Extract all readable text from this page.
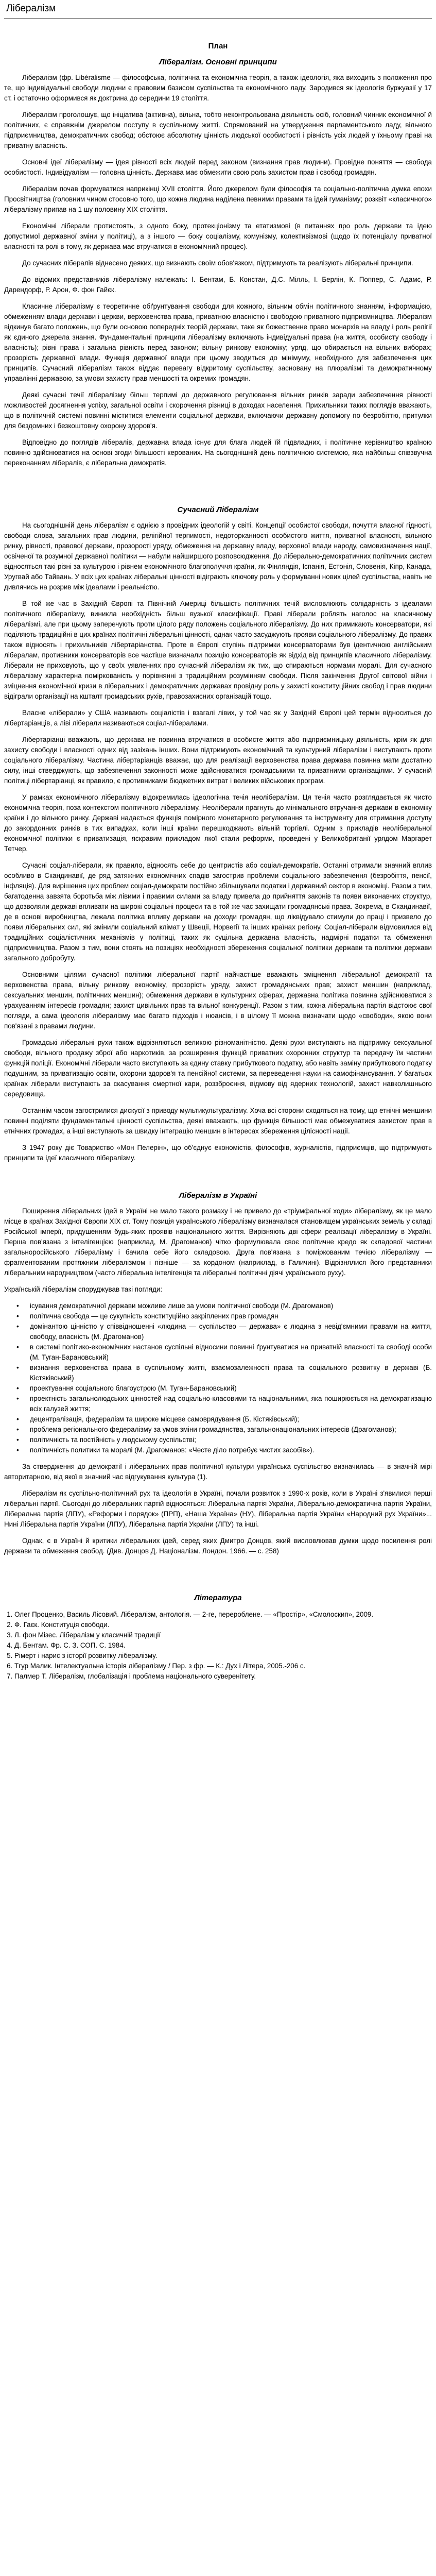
Лібералізм
План
Лібералізм. Основні принципи

Лібералізм (фр. Libéralisme — філософська, політична та економічна теорія, а також ідеологія, яка виходить з положення про те, що індивідуальні свободи людини є правовим базисом суспільства та економічного ладу. Зародився як ідеологія буржуазії у 17 ст. і остаточно оформився як доктрина до середини 19 століття.

Лібералізм проголошує, що ініціатива (активна), вільна, тобто неконтрольована діяльність осіб, головний чинник економічної й політичних, є справжнім джерелом поступу в суспільному житті. Спрямований на утвердження парламентського ладу, вільного підприємництва, демократичних свобод; обстоює абсолютну цінність людської особистості і рівність усіх людей у їхньому праві на приватну власність.

Основні ідеї лібералізму — ідея рівності всіх людей перед законом (визнання прав людини). Провідне поняття — свобода особистості. Індивідуалізм — головна цінність. Держава має обмежити свою роль захистом прав і свобод громадян.

Лібералізм почав формуватися наприкінці XVII століття. Його джерелом були філософія та соціально-політична думка епохи Просвітництва (головним чином стосовно того, що кожна людина наділена певними правами та ідей гуманізму; розквіт «класичного» лібералізму припав на 1 шу половину XIX століття.

Економічні ліберали протистоять, з одного боку, протекціонізму та етатизмові (в питаннях про роль держави та ідею допустимої державної зміни у політиці), а з іншого — боку соціалізму, комунізму, колективізмові (щодо їх потенціалу приватної власності та ролі в тому, як держава має втручатися в економічний процес).

До сучасних лібералів віднесено деяких, що визнають своїм обов'язком, підтримують та реалізують ліберальні принципи.

До відомих представників лібералізму належать: І. Бентам, Б. Констан, Д.С. Мілль, І. Берлін, К. Поппер, С. Адамс, Р. Дарендорф, Р. Арон, Ф. фон Гайєк.

Класичне лібералізму є теоретичне обґрунтування свободи для кожного, вільним обмін політичного знанням, інформацією, обмеженням влади держави і церкви, верховенства права, приватною власністю і свободою приватного підприємництва. Лібералізм відкинув багато положень, що були основою попередніх теорій держави, таке як божественне право монархів на владу і роль релігії як єдиного джерела знання. Фундаментальні принципи лібералізму включають індивідуальні права (на життя, особисту свободу і власність); рівні права і загальна рівність перед законом; вільну ринкову економіку; уряд, що обирається на вільних виборах; прозорість державної влади. Функція державної влади при цьому зводиться до мінімуму, необхідного для забезпечення цих принципів. Сучасний лібералізм також віддає перевагу відкритому суспільству, засновану на плюралізмі та демократичному управлінні державою, за умови захисту прав меншості та окремих громадян.

Деякі сучасні течії лібералізму більш терпимі до державного регулювання вільних ринків заради забезпечення рівності можливостей досягнення успіху, загальної освіти і скорочення різниці в доходах населення. Прихильники таких поглядів вважають, що в політичній системі повинні міститися елементи соціальної держави, включаючи державну допомогу по безробіттю, притулки для бездомних і безкоштовну охорону здоров'я.

Відповідно до поглядів лібералів, державна влада існує для блага людей їй підвладних, і політичне керівництво країною повинно здійснюватися на основі згоди більшості керованих. На сьогоднішній день політичною системою, яка найбільш співзвучна переконанням лібералів, є ліберальна демократія.

Сучасний Лібералізм

На сьогоднішній день лібералізм є однією з провідних ідеологій у світі. Концепції особистої свободи, почуття власної гідності, свободи слова, загальних прав людини, релігійної терпимості, недоторканності особистого життя, приватної власності, вільного ринку, рівності, правової держави, прозорості уряду, обмеження на державну владу, верховної влади народу, самовизначення нації, освіченої та розумної державної політики — набули найширшого розповсюдження. До ліберально-демократичних політичних систем відносяться такі різні за культурою і рівнем економічного благополуччя країни, як Фінляндія, Іспанія, Естонія, Словенія, Кіпр, Канада, Уругвай або Тайвань. У всіх цих країнах ліберальні цінності відіграють ключову роль у формуванні нових цілей суспільства, навіть не дивлячись на розрив між ідеалами і реальністю.

В той же час в Західній Європі та Північній Америці більшість політичних течій висловлюють солідарність з ідеалами політичного лібералізму, виникла необхідність більш вузької класифікації. Праві ліберали роблять наголос на класичному лібералізмі, але при цьому заперечують проти цілого ряду положень соціального лібералізму. До них примикають консерватори, які поділяють традиційні в цих країнах політичні ліберальні цінності, однак часто засуджують прояви соціального лібералізму. До правих також відносять і прихильників лібертаріанства. Проте в Європі ступінь підтримки консерваторами був ідентичною англійським лібералам, противники консерваторів все частіше визначали позицію консерваторів як відхід від принципів класичного лібералізму. Ліберали не приховують, що у своїх уявленнях про сучасний лібералізм як тих, що спираються нормами моралі. Для сучасного лібералізму характерна поміркованість у порівнянні з традиційним розумінням свободи. Після закінчення Другої світової війни і зміцнення економічної кризи в ліберальних і демократичних державах провідну роль у захисті конституційних свобод і прав людини відіграли організації на кшталт громадських рухів, правозахисних організацій тощо.

Власне «ліберали» у США називають соціалістів і взагалі лівих, у той час як у Західній Європі цей термін відноситься до лібертаріанців, а ліві ліберали називаються соціал-лібералами.

Лібертаріанці вважають, що держава не повинна втручатися в особисте життя або підприємницьку діяльність, крім як для захисту свободи і власності одних від зазіхань інших. Вони підтримують економічний та культурний лібералізм і виступають проти соціального лібералізму. Частина лібертаріанців вважає, що для реалізації верховенства права держава повинна мати достатню силу, інші стверджують, що забезпечення законності може здійснюватися громадськими та приватними організаціями. У сучасній політиці лібертаріанці, як правило, є противниками бюджетних витрат і великих військових програм.

У рамках економічного лібералізму відокремилась ідеологічна течія неолібералізм. Ця течія часто розглядається як чисто економічна теорія, поза контекстом політичного лібералізму. Неоліберали прагнуть до мінімального втручання держави в економіку країни і до вільного ринку. Державі надається функція помірного монетарного регулювання та інструменту для отримання доступу до закордонних ринків в тих випадках, коли інші країни перешкоджають вільній торгівлі. Одним з прикладів неоліберальної економічної політики є приватизація, яскравим прикладом якої стали реформи, проведені у Великобританії урядом Маргарет Тетчер.

Сучасні соціал-ліберали, як правило, відносять себе до центристів або соціал-демократів. Останні отримали значний вплив особливо в Скандинавії, де ряд затяжних економічних спадів загострив проблеми соціального забезпечення (безробіття, пенсії, інфляція). Для вирішення цих проблем соціал-демократи постійно збільшували податки і державний сектор в економіці. Разом з тим, багатоденна завзята боротьба між лівими і правими силами за владу привела до прийняття законів та появи виконавчих структур, що дозволяли державі впливати на широкі соціальні процеси та в той же час захищати громадянські права. Зокрема, в Скандинавії, де в основі виробництва, лежала політика впливу держави на доходи громадян, що ліквідувало стимули до праці і призвело до появи ліберальних сил, які змінили соціальний клімат у Швеції, Норвегії та інших країнах регіону. Соціал-ліберали відмовилися від традиційних соціалістичних механізмів у політиці, таких як суцільна державна власність, надмірні податки та обмеження підприємництва. Разом з тим, вони стоять на позиціях необхідності збереження соціальної політики держави та політики держави загального добробуту.

Основними цілями сучасної політики ліберальної партії найчастіше вважають зміцнення ліберальної демократії та верховенства права, вільну ринкову економіку, прозорість уряду, захист громадянських прав; захист меншин (наприклад, сексуальних меншин, політичних меншин); обмеження держави в культурних сферах, державна політика повинна здійснюватися з урахуванням інтересів громадян; захист цивільних прав та вільної конкуренції. Разом з тим, кожна ліберальна партія відстоює свої погляди, а сама ідеологія лібералізму має багато підходів і нюансів, і в цілому її можна визначати щодо «свободи», якою вони пов'язані з правами людини.

Громадські ліберальні рухи також відрізняються великою різноманітністю. Деякі рухи виступають на підтримку сексуальної свободи, вільного продажу зброї або наркотиків, за розширення функцій приватних охоронних структур та передачу їм частини функцій поліції. Економічні ліберали часто виступають за єдину ставку прибуткового податку, або навіть заміну прибуткового податку подушним, за приватизацію освіти, охорони здоров'я та пенсійної системи, за переведення науки на самофінансування. У багатьох країнах ліберали виступають за скасування смертної кари, роззброєння, відмову від ядерних технологій, захист навколишнього середовища.

Останнім часом загострилися дискусії з приводу мультикультуралізму. Хоча всі сторони сходяться на тому, що етнічні меншини повинні поділяти фундаментальні цінності суспільства, деякі вважають, що функція більшості має обмежуватися захистом прав в етнічних громадах, а інші виступають за швидку інтеграцію меншин в інтересах збереження цілісності нації.

З 1947 року діє Товариство «Мон Пелерін», що об'єднує економістів, філософів, журналістів, підприємців, що підтримують принципи та ідеї класичного лібералізму.

Лібералізм в Україні

Поширення ліберальних ідей в Україні не мало такого розмаху і не привело до «тріумфальної ходи» лібералізму, як це мало місце в країнах Західної Європи XIX ст. Тому позиція українського лібералізму визначалася становищем українських земель у складі Російської імперії, придушенням будь-яких проявів національного життя. Вирізняють дві сфери реалізації лібералізму в Україні. Перша пов'язана з інтелігенцією (наприклад, М. Драгоманов) чітко формулювала своє політичне кредо як складової частини загальноросійського лібералізму і бачила себе його складовою. Друга пов'язана з поміркованим течією лібералізму — фрагментованим протяжним лібералізмом і пізніше — за кордоном (наприклад, в Галичині). Відрізнялися його представники ліберальним народництвом (часто ліберальна інтелігенція та ліберальні політичні діячі українського руху).

Українській лібералізм споруджував такі погляди:

• ісування демократичної держави можливе лише за умови політичної свободи (М. Драгоманов)
• політична свобода — це сукупність конституційно закріплених прав громадян
• домінантою цінністю у співвідношенні «людина — суспільство — держава» є людина з невід'ємними правами на життя, свободу, власність (М. Драгоманов)
• в системі політико-економічних настанов суспільні відносини повинні ґрунтуватися на приватній власності та свободі особи (М. Туган-Барановський)
• визнання верховенства права в суспільному житті, взаємозалежності права та соціального розвитку в державі (Б. Кістяківський)
• проектування соціального благоустрою (М. Туган-Барановський)
• проектність загальнолюдських цінностей над соціально-класовими та національними, яка поширюється на демократизацію всіх галузей життя;
• децентралізація, федералізм та широке місцеве самоврядування (Б. Кістяківський);
• проблема регіонального федералізму за умов зміни громадянства, загальнонаціональних інтересів (Драгоманов);
• політичність та постійність у людському суспільстві;
• політичність политики та моралі (М. Драгоманов: «Честе діло потребує чистих засобів»).

За ствердження до демократії і ліберальних прав політичної культури українська суспільство визначилась — в значній мірі авторитарною, від якої в значний час відгукування культура (1).

Лібералізм як суспільно-політичний рух та ідеологія в Україні, почали розвиток з 1990-х років, коли в Україні з'явилися перші ліберальні партії. Сьогодні до ліберальних партій відносяться: Ліберальна партія України, Ліберально-демократична партія України, Ліберальна партія (ЛПУ), «Реформи і порядок» (ПРП), «Наша Україна» (НУ), Ліберальна партія України «Народний рух України»... Нині Ліберальна партія України (ЛПУ), Ліберальна партія України (ЛПУ) та інші.

Однак, є в Україні й критики ліберальних ідей, серед яких Дмитро Донцов, який висловлював думки щодо посилення ролі держави та обмеження свобод. (Див. Донцов Д. Націоналізм. Лондон. 1966. — с. 258)

Література
1. Олег Проценко, Василь Лісовий. Лібералізм, антологія. — 2-ге, перероблене. — «Простір», «Смолоскип», 2009.
2. Ф. Гаєк. Конституція свободи.
3. Л. фон Мізес. Лібералізм у класичній традиції
4. Д. Бентам. Фр. С. З. СОП. С. 1984.
5. Рімерт і нарис з історії розвитку лібералізму.
6. Тгур Малик. Інтелектуальна історія лібералізму / Пер. з фр. — К.: Дух і Літера, 2005.-206 с.
7. Палмер Т. Лібералізм, глобалізація і проблема національного суверенітету.
